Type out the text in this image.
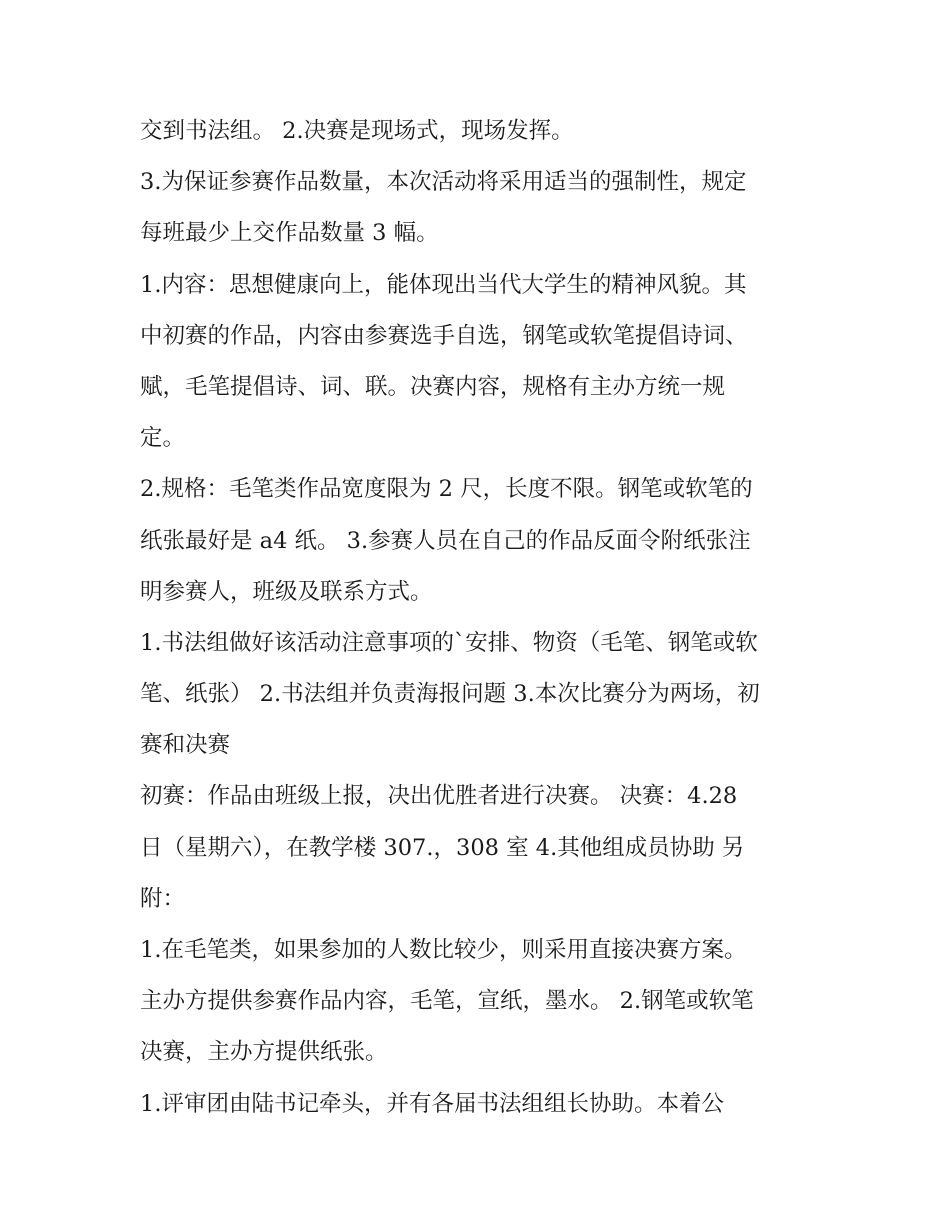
交到书法组。 2.决赛是现场式，现场发挥。

3.为保证参赛作品数量，本次活动将采用适当的强制性，规定
每班最少上交作品数量 3 幅。

1.内容：思想健康向上，能体现出当代大学生的精神风貌。其
中初赛的作品，内容由参赛选手自选，钢笔或软笔提倡诗词、
赋，毛笔提倡诗、词、联。决赛内容，规格有主办方统一规
定。

2.规格：毛笔类作品宽度限为 2 尺，长度不限。钢笔或软笔的
纸张最好是 a4 纸。 3.参赛人员在自己的作品反面令附纸张注
明参赛人，班级及联系方式。

1.书法组做好该活动注意事项的`安排、物资（毛笔、钢笔或软
笔、纸张） 2.书法组并负责海报问题 3.本次比赛分为两场，初
赛和决赛

初赛：作品由班级上报，决出优胜者进行决赛。 决赛：4.28
日（星期六），在教学楼 307.，308 室 4.其他组成员协助 另
附：

1.在毛笔类，如果参加的人数比较少，则采用直接决赛方案。
主办方提供参赛作品内容，毛笔，宣纸，墨水。 2.钢笔或软笔
决赛，主办方提供纸张。

1.评审团由陆书记牵头，并有各届书法组组长协助。本着公
